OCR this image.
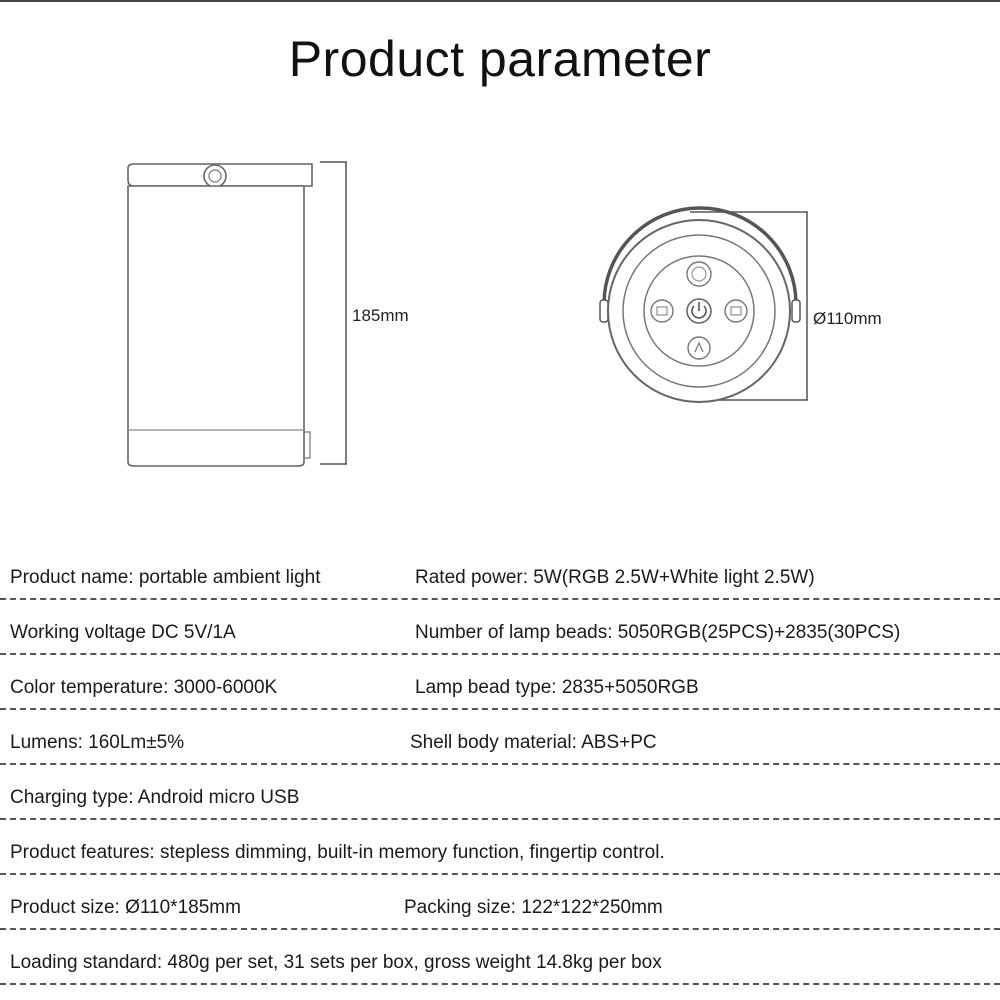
Product parameter
185mm	Ø110mm
Product name: portable ambient light	Rated power: 5W(RGB 2.5W+White light 2.5W)
Working voltage DC 5V/1A	Number of lamp beads: 5050RGB(25PCS)+2835(30PCS)
Color temperature: 3000-6000K	Lamp bead type: 2835+5050RGB
Lumens: 160Lm±5%	Shell body material: ABS+PC
Charging type: Android micro USB
Product features: stepless dimming, built-in memory function, fingertip control.
Product size: Ø110*185mm	Packing size: 122*122*250mm
Loading standard: 480g per set, 31 sets per box, gross weight 14.8kg per box
